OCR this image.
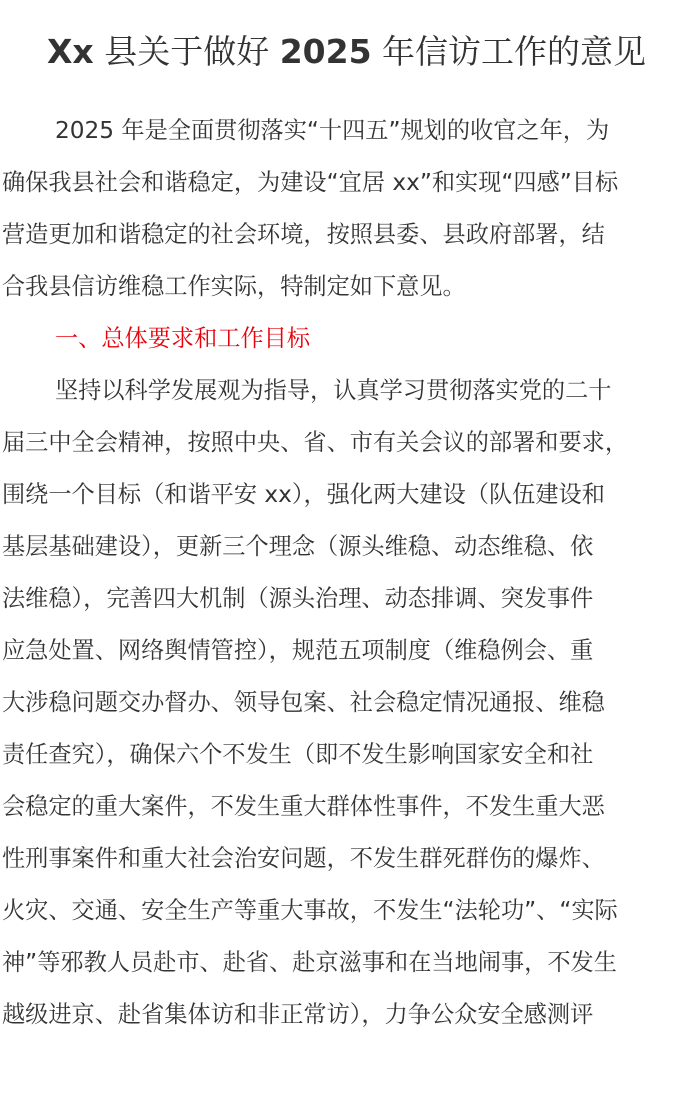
Xx 县关于做好 2025 年信访工作的意见
2025 年是全面贯彻落实“十四五”规划的收官之年，为
确保我县社会和谐稳定，为建设“宜居 xx”和实现“四感”目标
营造更加和谐稳定的社会环境，按照县委、县政府部署，结
合我县信访维稳工作实际，特制定如下意见。
一、总体要求和工作目标
坚持以科学发展观为指导，认真学习贯彻落实党的二十
届三中全会精神，按照中央、省、市有关会议的部署和要求，
围绕一个目标（和谐平安 xx），强化两大建设（队伍建设和
基层基础建设），更新三个理念（源头维稳、动态维稳、依
法维稳），完善四大机制（源头治理、动态排调、突发事件
应急处置、网络舆情管控），规范五项制度（维稳例会、重
大涉稳问题交办督办、领导包案、社会稳定情况通报、维稳
责任查究），确保六个不发生（即不发生影响国家安全和社
会稳定的重大案件，不发生重大群体性事件，不发生重大恶
性刑事案件和重大社会治安问题，不发生群死群伤的爆炸、
火灾、交通、安全生产等重大事故，不发生“法轮功”、“实际
神”等邪教人员赴市、赴省、赴京滋事和在当地闹事，不发生
越级进京、赴省集体访和非正常访），力争公众安全感测评
